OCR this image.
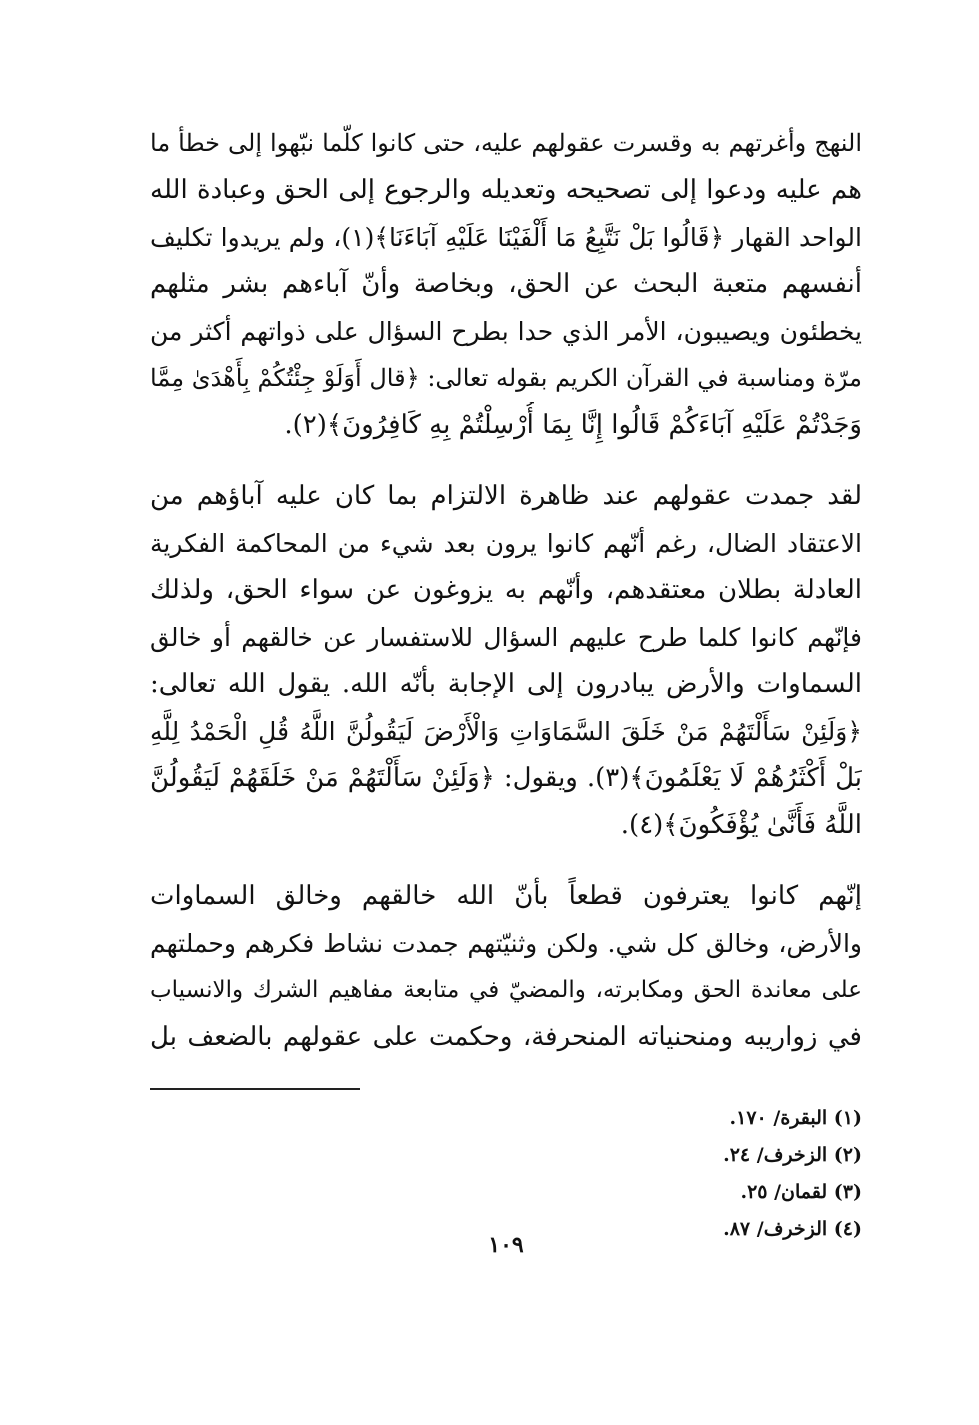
النهج وأغرتهم به وقسرت عقولهم عليه، حتى كانوا كلّما نبّهوا إلى خطأ ما
هم عليه ودعوا إلى تصحيحه وتعديله والرجوع إلى الحق وعبادة الله
الواحد القهار ﴿قَالُوا بَلْ نَتَّبِعُ مَا أَلْفَيْنَا عَلَيْهِ آبَاءَنَا﴾(١)، ولم يريدوا تكليف
أنفسهم متعبة البحث عن الحق، وبخاصة وأنّ آباءهم بشر مثلهم
يخطئون ويصيبون، الأمر الذي حدا بطرح السؤال على ذواتهم أكثر من
مرّة ومناسبة في القرآن الكريم بقوله تعالى: ﴿قال أَوَلَوْ جِئْتُكُمْ بِأَهْدَىٰ مِمَّا
وَجَدْتُمْ عَلَيْهِ آبَاءَكُمْ قَالُوا إِنَّا بِمَا أُرْسِلْتُمْ بِهِ كَافِرُونَ﴾(٢).
لقد جمدت عقولهم عند ظاهرة الالتزام بما كان عليه آباؤهم من
الاعتقاد الضال، رغم أنّهم كانوا يرون بعد شيء من المحاكمة الفكرية
العادلة بطلان معتقدهم، وأنّهم به يزوغون عن سواء الحق، ولذلك
فإنّهم كانوا كلما طرح عليهم السؤال للاستفسار عن خالقهم أو خالق
السماوات والأرض يبادرون إلى الإجابة بأنّه الله. يقول الله تعالى:
﴿وَلَئِنْ سَأَلْتَهُمْ مَنْ خَلَقَ السَّمَاوَاتِ وَالْأَرْضَ لَيَقُولُنَّ اللَّهُ قُلِ الْحَمْدُ لِلَّهِ
بَلْ أَكْثَرُهُمْ لَا يَعْلَمُونَ﴾(٣). ويقول: ﴿وَلَئِنْ سَأَلْتَهُمْ مَنْ خَلَقَهُمْ لَيَقُولُنَّ
اللَّهُ فَأَنَّىٰ يُؤْفَكُونَ﴾(٤).
إنّهم كانوا يعترفون قطعاً بأنّ الله خالقهم وخالق السماوات
والأرض، وخالق كل شي. ولكن وثنيّتهم جمدت نشاط فكرهم وحملتهم
على معاندة الحق ومكابرته، والمضيّ في متابعة مفاهيم الشرك والانسياب
في زواريبه ومنحنياته المنحرفة، وحكمت على عقولهم بالضعف بل
(١) البقرة/ ١٧٠.
(٢) الزخرف/ ٢٤.
(٣) لقمان/ ٢٥.
(٤) الزخرف/ ٨٧.
١٠٩
